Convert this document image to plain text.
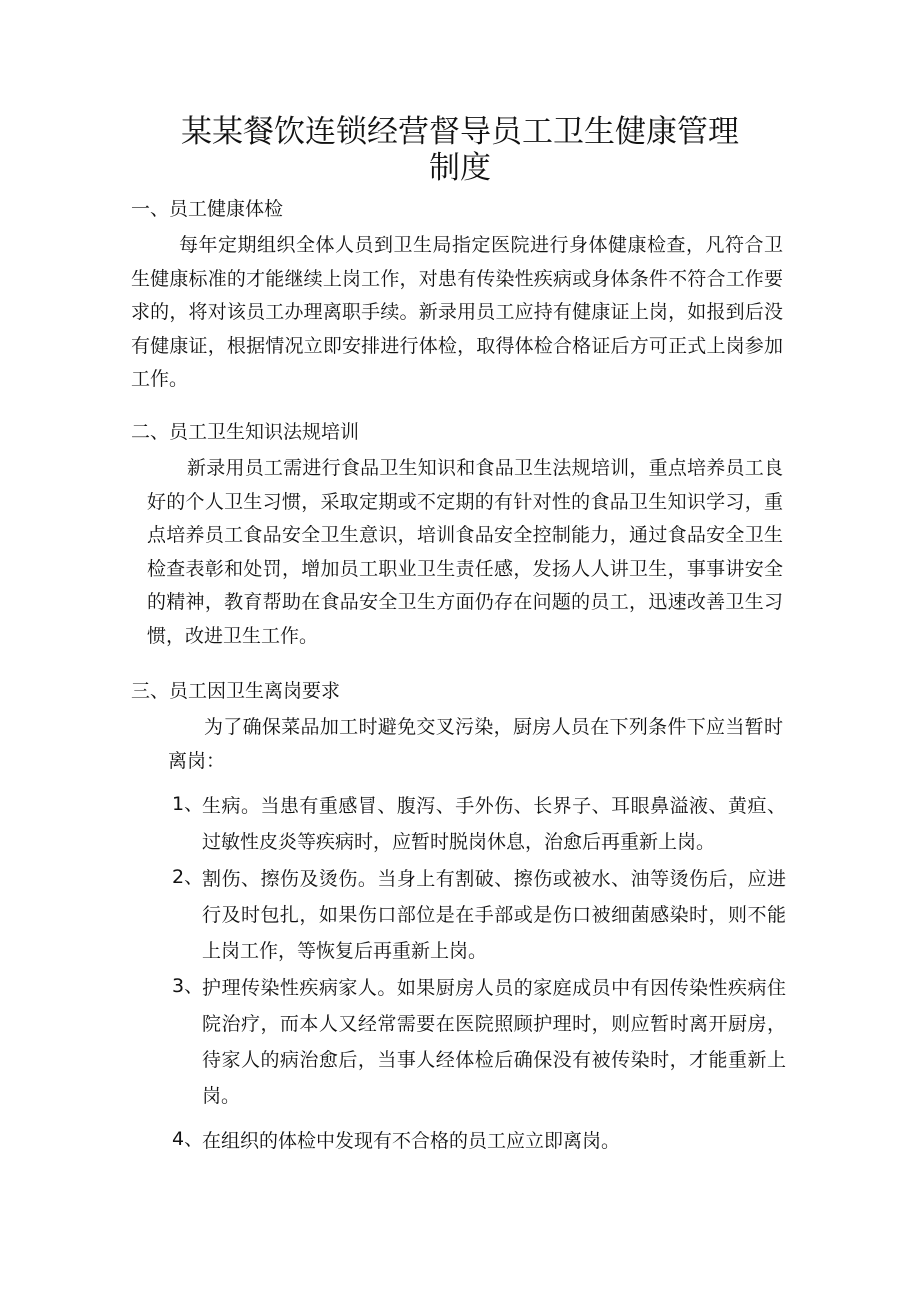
某某餐饮连锁经营督导员工卫生健康管理
制度
一、员工健康体检

每年定期组织全体人员到卫生局指定医院进行身体健康检查，凡符合卫生健康标准的才能继续上岗工作，对患有传染性疾病或身体条件不符合工作要求的，将对该员工办理离职手续。新录用员工应持有健康证上岗，如报到后没有健康证，根据情况立即安排进行体检，取得体检合格证后方可正式上岗参加工作。

二、员工卫生知识法规培训

新录用员工需进行食品卫生知识和食品卫生法规培训，重点培养员工良好的个人卫生习惯，采取定期或不定期的有针对性的食品卫生知识学习，重点培养员工食品安全卫生意识，培训食品安全控制能力，通过食品安全卫生检查表彰和处罚，增加员工职业卫生责任感，发扬人人讲卫生，事事讲安全的精神，教育帮助在食品安全卫生方面仍存在问题的员工，迅速改善卫生习惯，改进卫生工作。

三、员工因卫生离岗要求

为了确保菜品加工时避免交叉污染，厨房人员在下列条件下应当暂时离岗：

1、

生病。当患有重感冒、腹泻、手外伤、长界子、耳眼鼻溢液、黄疸、过敏性皮炎等疾病时，应暂时脱岗休息，治愈后再重新上岗。

2、

割伤、擦伤及烫伤。当身上有割破、擦伤或被水、油等烫伤后，应进行及时包扎，如果伤口部位是在手部或是伤口被细菌感染时，则不能上岗工作，等恢复后再重新上岗。

3、

护理传染性疾病家人。如果厨房人员的家庭成员中有因传染性疾病住院治疗，而本人又经常需要在医院照顾护理时，则应暂时离开厨房，待家人的病治愈后，当事人经体检后确保没有被传染时，才能重新上岗。

4、

在组织的体检中发现有不合格的员工应立即离岗。
